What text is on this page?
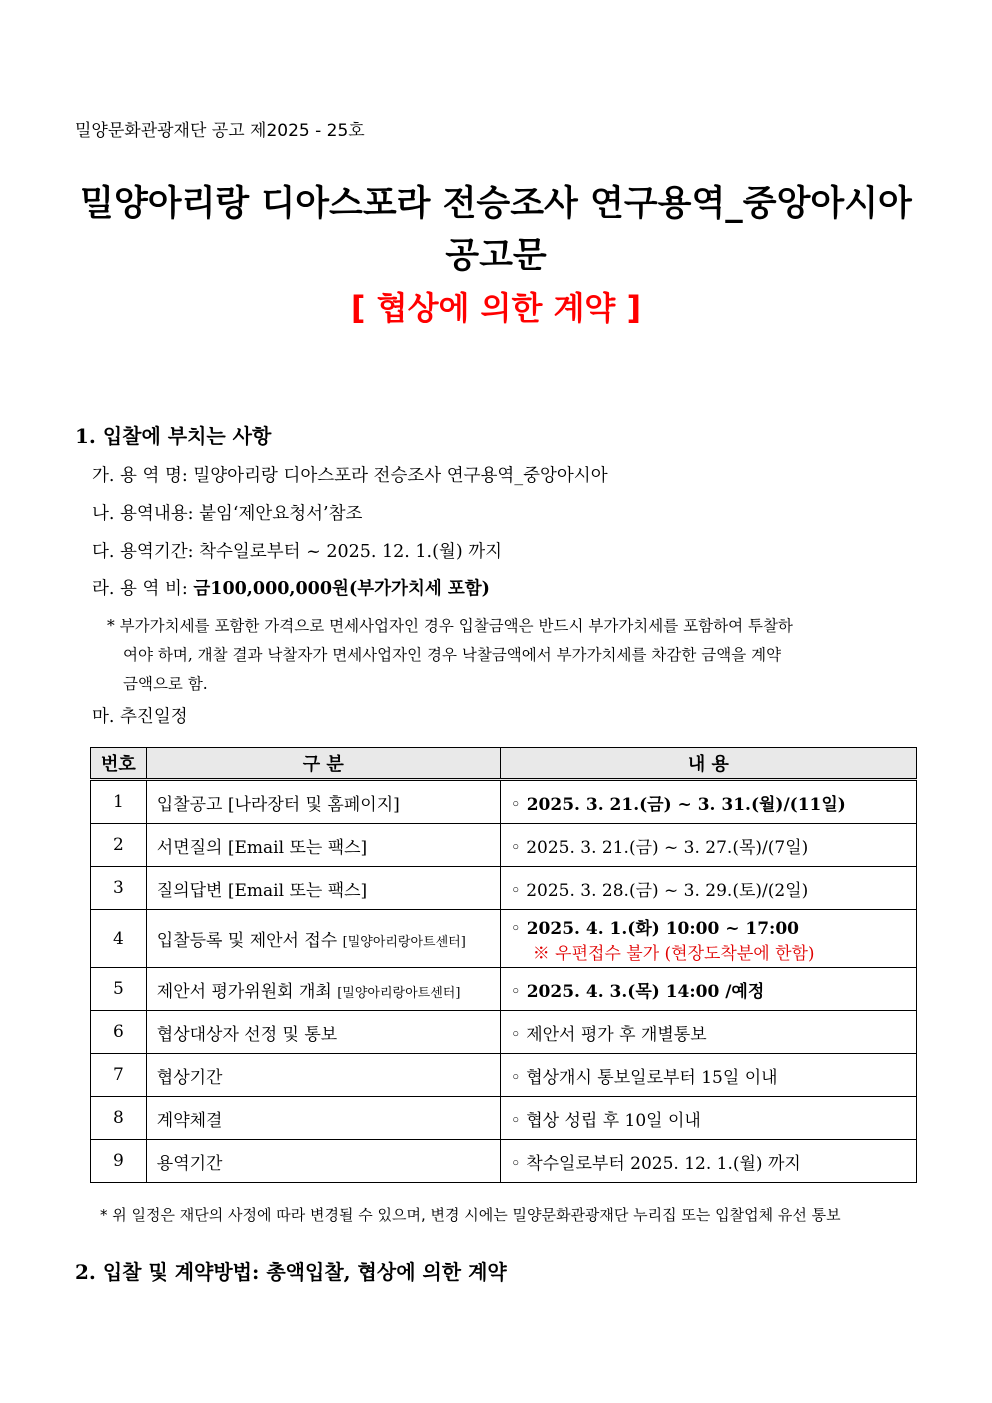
밀양문화관광재단 공고 제2025 - 25호
밀양아리랑 디아스포라 전승조사 연구용역_중앙아시아
공고문
[ 협상에 의한 계약 ]
1. 입찰에 부치는 사항
가. 용 역 명: 밀양아리랑 디아스포라 전승조사 연구용역_중앙아시아
나. 용역내용: 붙임‘제안요청서’참조
다. 용역기간: 착수일로부터 ~ 2025. 12. 1.(월) 까지
라. 용 역 비: 금100,000,000원(부가가치세 포함)
* 부가가치세를 포함한 가격으로 면세사업자인 경우 입찰금액은 반드시 부가가치세를 포함하여 투찰하

여야 하며, 개찰 결과 낙찰자가 면세사업자인 경우 낙찰금액에서 부가가치세를 차감한 금액을 계약
금액으로 함.
마. 추진일정
번호	구 분	내 용
1	입찰공고 [나라장터 및 홈페이지]	◦ 2025. 3. 21.(금) ~ 3. 31.(월)/(11일)
2	서면질의 [Email 또는 팩스]	◦ 2025. 3. 21.(금) ~ 3. 27.(목)/(7일)
3	질의답변 [Email 또는 팩스]	◦ 2025. 3. 28.(금) ~ 3. 29.(토)/(2일)
4	입찰등록 및 제안서 접수 [밀양아리랑아트센터]	◦ 2025. 4. 1.(화) 10:00 ~ 17:00
※ 우편접수 불가 (현장도착분에 한함)
5	제안서 평가위원회 개최 [밀양아리랑아트센터]	◦ 2025. 4. 3.(목) 14:00 /예정
6	협상대상자 선정 및 통보	◦ 제안서 평가 후 개별통보
7	협상기간	◦ 협상개시 통보일로부터 15일 이내
8	계약체결	◦ 협상 성립 후 10일 이내
9	용역기간	◦ 착수일로부터 2025. 12. 1.(월) 까지
* 위 일정은 재단의 사정에 따라 변경될 수 있으며, 변경 시에는 밀양문화관광재단 누리집 또는 입찰업체 유선 통보
2. 입찰 및 계약방법: 총액입찰, 협상에 의한 계약
